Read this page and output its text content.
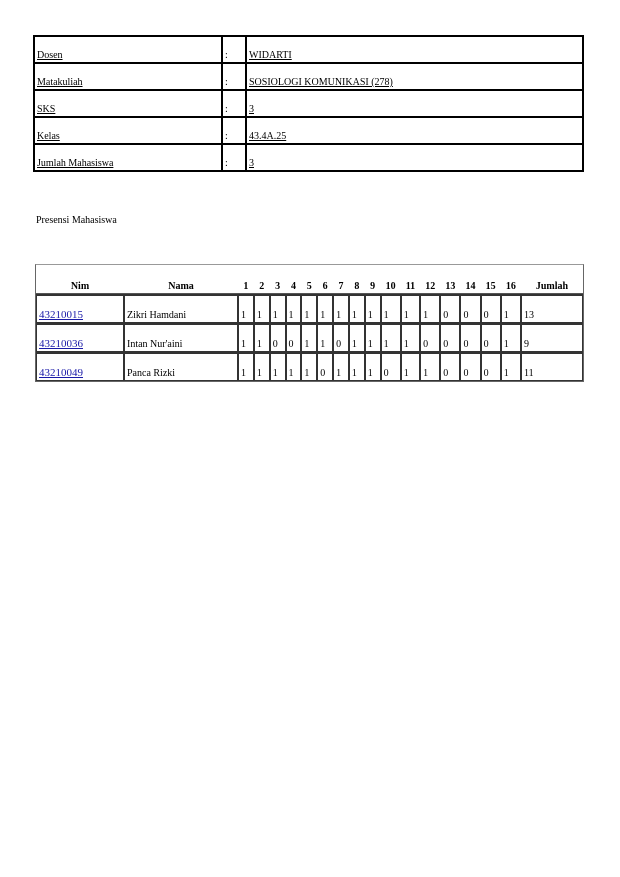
Dosen	:	WIDARTI
Matakuliah	:	SOSIOLOGI KOMUNIKASI (278)
SKS	:	3
Kelas	:	43.4A.25
Jumlah Mahasiswa	:	3
Presensi Mahasiswa
Nim	Nama	1	2	3	4	5	6	7	8	9	10	11	12	13	14	15	16	Jumlah
43210015	Zikri Hamdani	1	1	1	1	1	1	1	1	1	1	1	1	0	0	0	1	13
43210036	Intan Nur'aini	1	1	0	0	1	1	0	1	1	1	1	0	0	0	0	1	9
43210049	Panca Rizki	1	1	1	1	1	0	1	1	1	0	1	1	0	0	0	1	11
